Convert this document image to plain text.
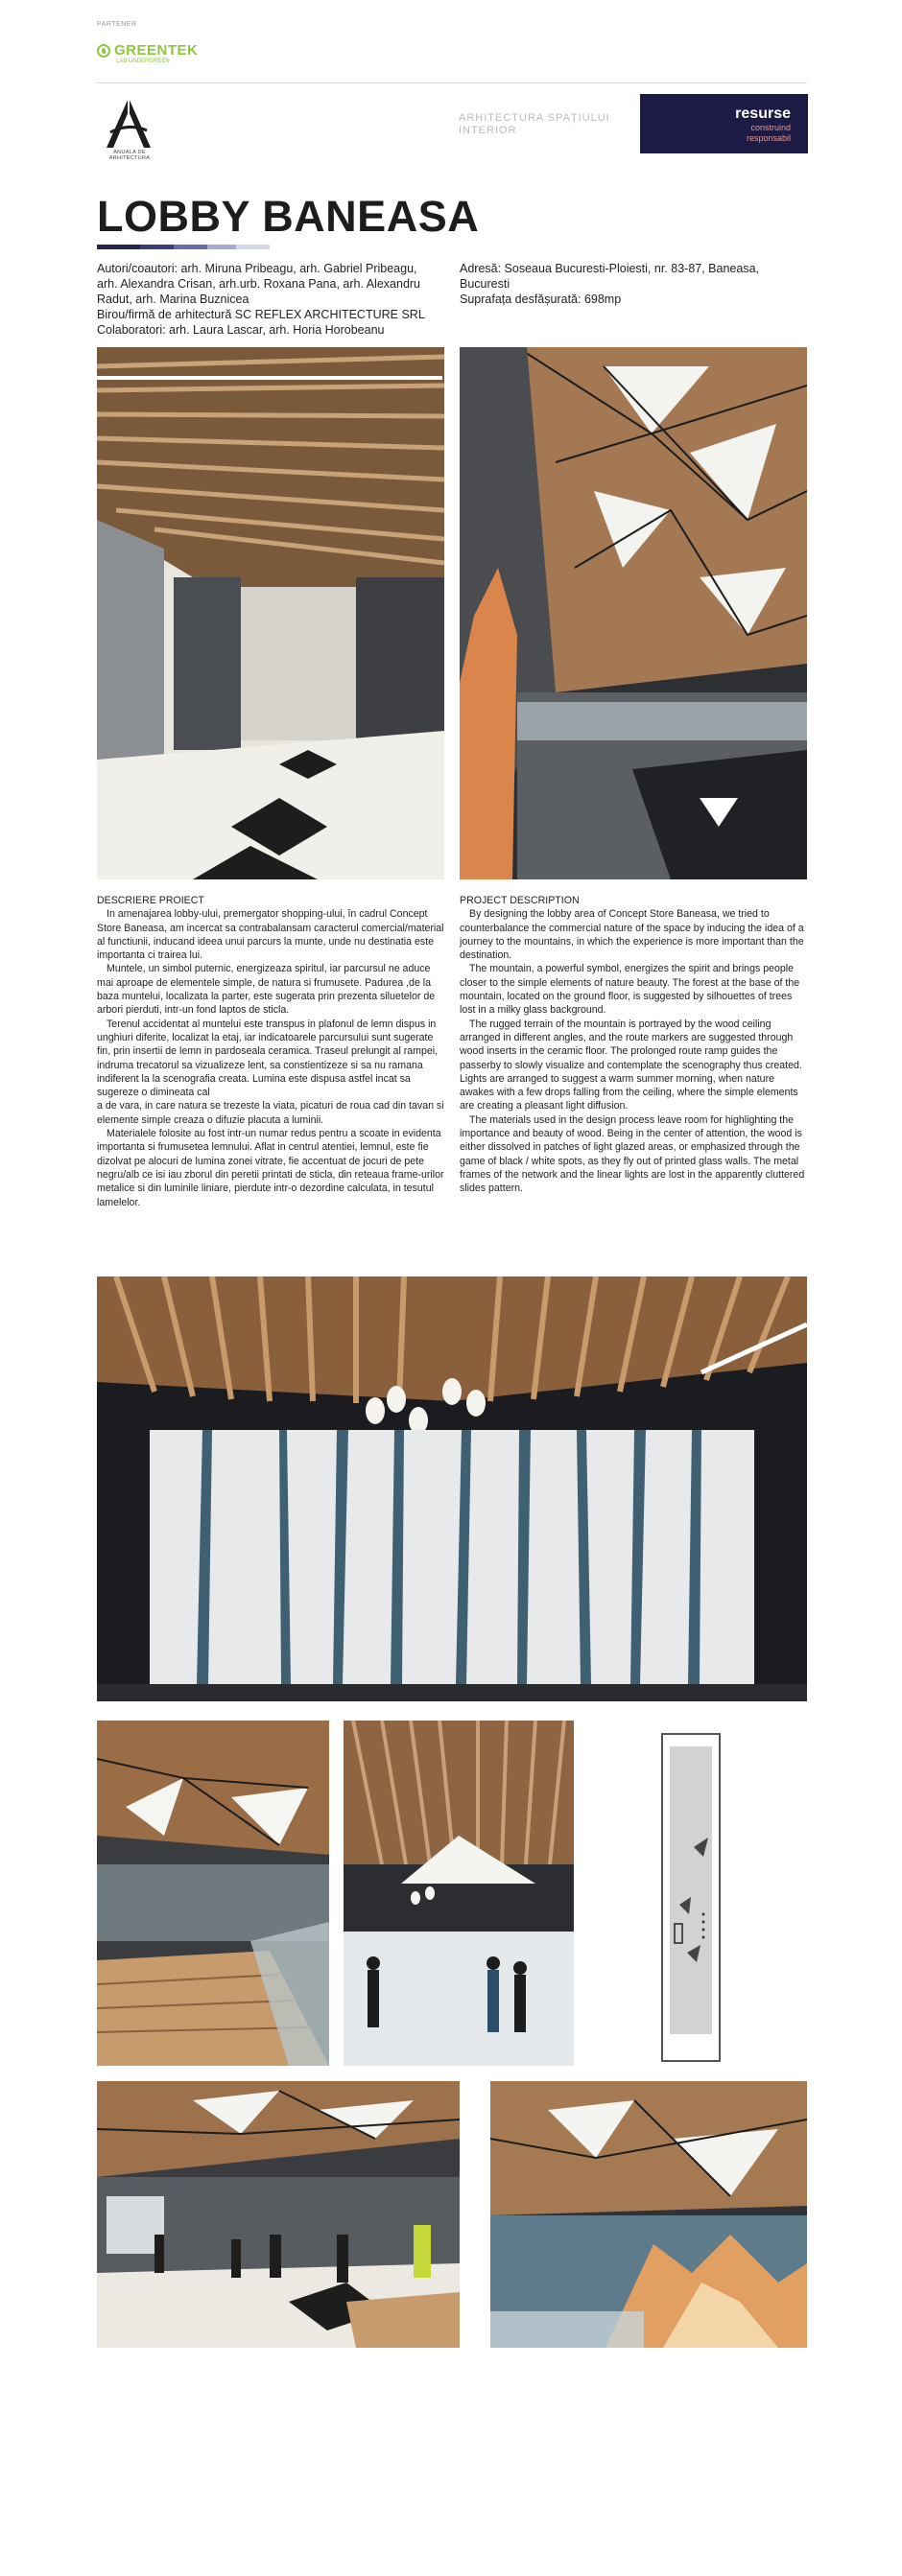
PARTENER
GREENTEK
LAB UNDERGREEN
ANUALA DE ARHITECTURA
ARHITECTURA SPAȚIULUI INTERIOR
resurse
construind
responsabil
LOBBY BANEASA
Autori/coautori: arh. Miruna Pribeagu, arh. Gabriel Pribeagu,
arh. Alexandra Crisan, arh.urb. Roxana Pana, arh. Alexandru
Radut, arh. Marina Buznicea
Birou/firmă de arhitectură SC REFLEX ARCHITECTURE SRL
Colaboratori: arh. Laura Lascar, arh. Horia Horobeanu
Adresă: Soseaua Bucuresti-Ploiesti, nr. 83-87, Baneasa,
Bucuresti
Suprafața desfășurată: 698mp
DESCRIERE PROIECT

In amenajarea lobby-ului, premergator shopping-ului, în cadrul Concept Store Baneasa, am incercat sa contrabalansam caracterul comercial/material al functiunii, inducand ideea unui parcurs la munte, unde nu destinatia este importanta ci trairea lui.

Muntele, un simbol puternic, energizeaza spiritul, iar parcursul ne aduce mai aproape de elementele simple, de natura si frumusete. Padurea ,de la baza muntelui, localizata la parter, este sugerata prin prezenta siluetelor de arbori pierduti, intr-un fond laptos de sticla.

Terenul accidentat al muntelui este transpus in plafonul de lemn dispus in unghiuri diferite, localizat la etaj, iar indicatoarele parcursului sunt sugerate fin, prin insertii de lemn in pardoseala ceramica. Traseul prelungit al rampei, indruma trecatorul sa vizualizeze lent, sa constientizeze si sa nu ramana indiferent la la scenografia creata. Lumina este dispusa astfel incat sa sugereze o dimineata cal

a de vara, in care natura se trezeste la viata, picaturi de roua cad din tavan si elemente simple creaza o difuzie placuta a luminii.

Materialele folosite au fost intr-un numar redus pentru a scoate in evidenta importanta si frumusetea lemnului. Aflat in centrul atentiei, lemnul, este fie dizolvat pe alocuri de lumina zonei vitrate, fie accentuat de jocuri de pete negru/alb ce isi iau zborul din peretii printati de sticla, din reteaua frame-urilor metalice si din luminile liniare, pierdute intr-o dezordine calculata, in tesutul lamelelor.

PROJECT DESCRIPTION

By designing the lobby area of Concept Store Baneasa, we tried to counterbalance the commercial nature of the space by inducing the idea of a journey to the mountains, in which the experience is more important than the destination.

The mountain, a powerful symbol, energizes the spirit and brings people closer to the simple elements of nature beauty. The forest at the base of the mountain, located on the ground floor, is suggested by silhouettes of trees lost in a milky glass background.

The rugged terrain of the mountain is portrayed by the wood ceiling arranged in different angles, and the route markers are suggested through wood inserts in the ceramic floor. The prolonged route ramp guides the passerby to slowly visualize and contemplate the scenography thus created. Lights are arranged to suggest a warm summer morning, when nature awakes with a few drops falling from the ceiling, where the simple elements are creating a pleasant light diffusion.

The materials used in the design process leave room for highlighting the importance and beauty of wood. Being in the center of attention, the wood is either dissolved in patches of light glazed areas, or emphasized through the game of black / white spots, as they fly out of printed glass walls. The metal frames of the network and the linear lights are lost in the apparently cluttered slides pattern.
